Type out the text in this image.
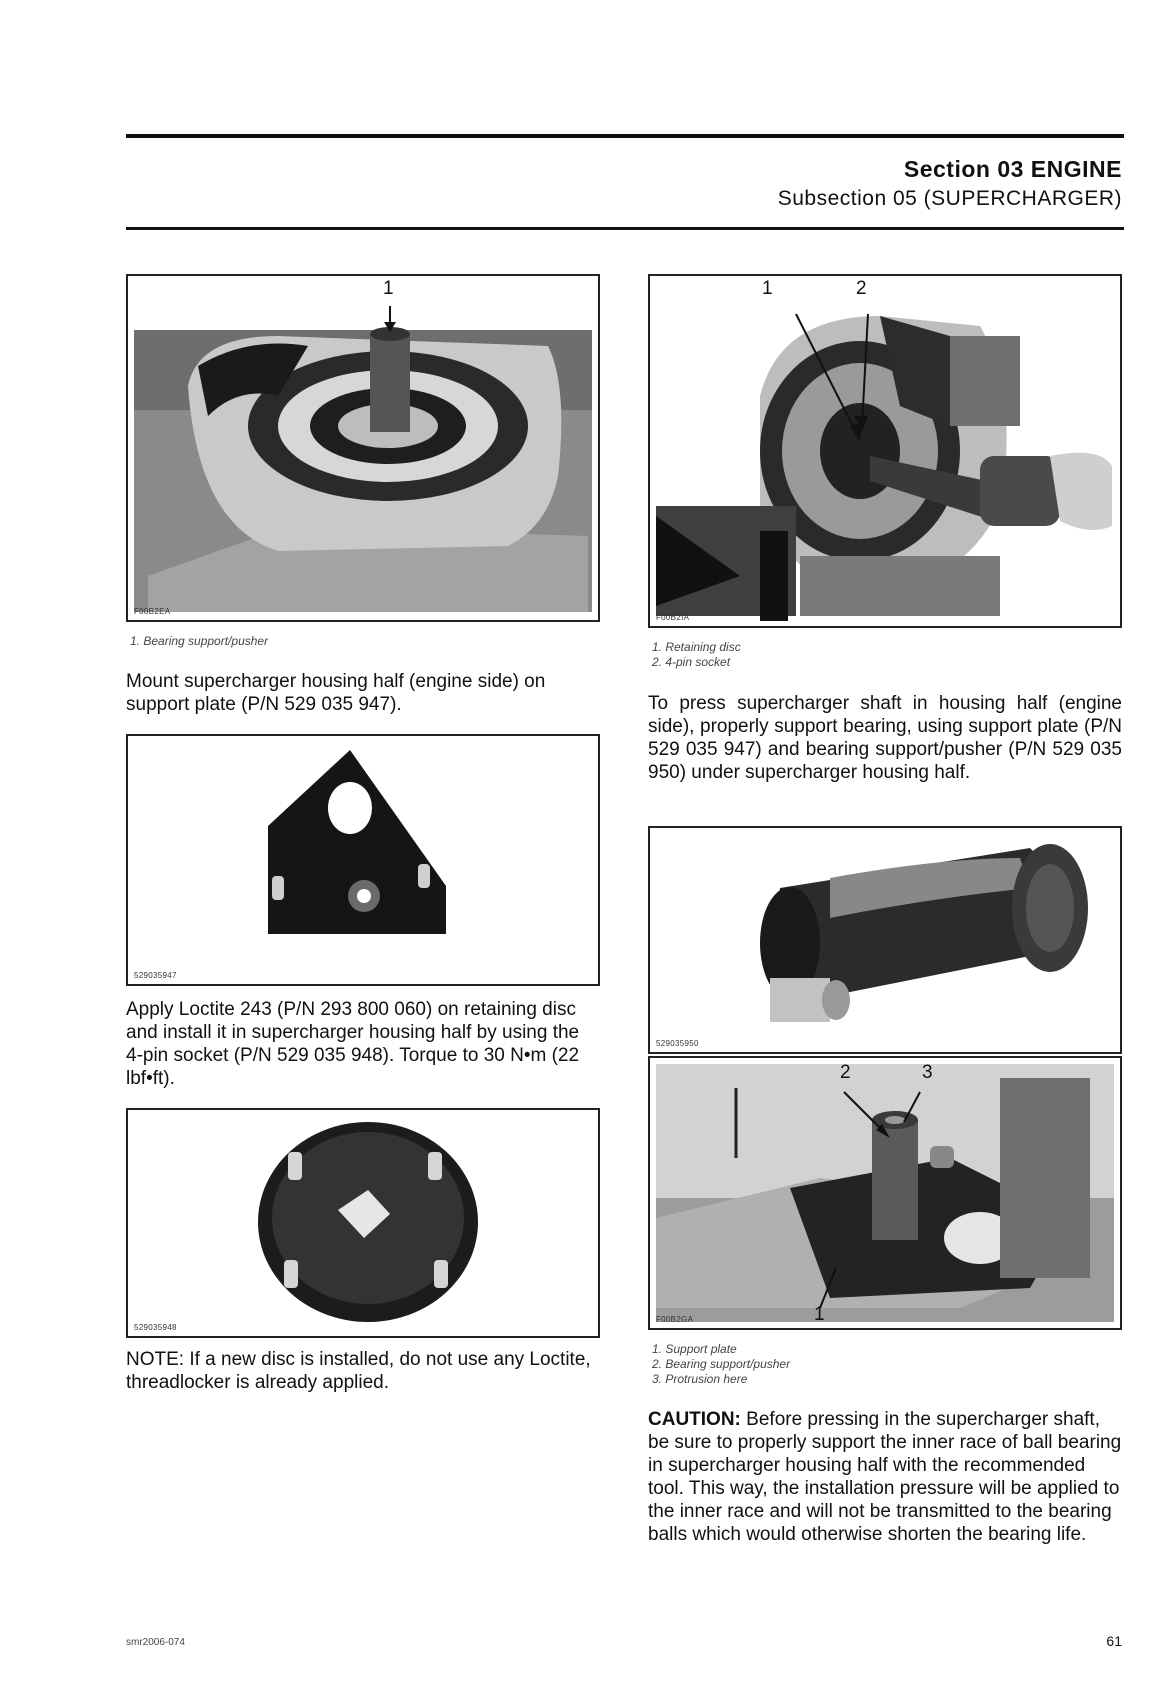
Section 03 ENGINE
Subsection 05 (SUPERCHARGER)
1
F00B2EA
1. Bearing support/pusher
Mount supercharger housing half (engine side) on support plate (P/N 529 035 947).
529035947
Apply Loctite 243 (P/N 293 800 060) on retaining disc and install it in supercharger housing half by using the 4-pin socket (P/N 529 035 948). Torque to 30 N•m (22 lbf•ft).
529035948
NOTE: If a new disc is installed, do not use any Loctite, threadlocker is already applied.
1	2
F00B2IA
1. Retaining disc
2. 4-pin socket
To press supercharger shaft in housing half (engine side), properly support bearing, using support plate (P/N 529 035 947) and bearing support/pusher (P/N 529 035 950) under supercharger housing half.
529035950
2	3
1
F00B2GA
1. Support plate
2. Bearing support/pusher
3. Protrusion here
CAUTION: Before pressing in the supercharger shaft, be sure to properly support the inner race of ball bearing in supercharger housing half with the recommended tool. This way, the installation pressure will be applied to the inner race and will not be transmitted to the bearing balls which would otherwise shorten the bearing life.
smr2006-074	61
